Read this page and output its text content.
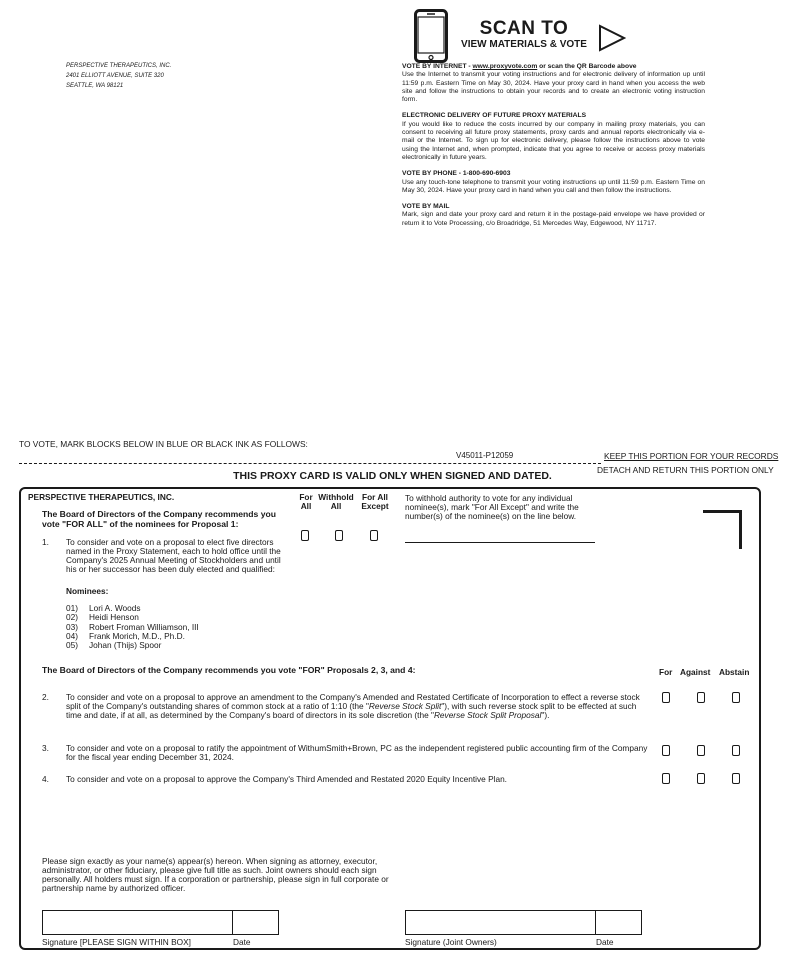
SCAN TO
VIEW MATERIALS & VOTE
PERSPECTIVE THERAPEUTICS, INC.
2401 ELLIOTT AVENUE, SUITE 320
SEATTLE, WA 98121
VOTE BY INTERNET - www.proxyvote.com or scan the QR Barcode above
Use the Internet to transmit your voting instructions and for electronic delivery of information up until 11:59 p.m. Eastern Time on May 30, 2024. Have your proxy card in hand when you access the web site and follow the instructions to obtain your records and to create an electronic voting instruction form.
ELECTRONIC DELIVERY OF FUTURE PROXY MATERIALS
If you would like to reduce the costs incurred by our company in mailing proxy materials, you can consent to receiving all future proxy statements, proxy cards and annual reports electronically via e-mail or the Internet. To sign up for electronic delivery, please follow the instructions above to vote using the Internet and, when prompted, indicate that you agree to receive or access proxy materials electronically in future years.
VOTE BY PHONE - 1-800-690-6903
Use any touch-tone telephone to transmit your voting instructions up until 11:59 p.m. Eastern Time on May 30, 2024. Have your proxy card in hand when you call and then follow the instructions.
VOTE BY MAIL
Mark, sign and date your proxy card and return it in the postage-paid envelope we have provided or return it to Vote Processing, c/o Broadridge, 51 Mercedes Way, Edgewood, NY 11717.
TO VOTE, MARK BLOCKS BELOW IN BLUE OR BLACK INK AS FOLLOWS:
V45011-P12059	KEEP THIS PORTION FOR YOUR RECORDS
DETACH AND RETURN THIS PORTION ONLY
THIS PROXY CARD IS VALID ONLY WHEN SIGNED AND DATED.
PERSPECTIVE THERAPEUTICS, INC.
The Board of Directors of the Company recommends you vote "FOR ALL" of the nominees for Proposal 1:
For All
Withhold All
For All Except
To withhold authority to vote for any individual nominee(s), mark "For All Except" and write the number(s) of the nominee(s) on the line below.
1. To consider and vote on a proposal to elect five directors named in the Proxy Statement, each to hold office until the Company's 2025 Annual Meeting of Stockholders and until his or her successor has been duly elected and qualified:
Nominees:
01) Lori A. Woods
02) Heidi Henson
03) Robert Froman Williamson, III
04) Frank Morich, M.D., Ph.D.
05) Johan (Thijs) Spoor
The Board of Directors of the Company recommends you vote "FOR" Proposals 2, 3, and 4:	For Against Abstain
2. To consider and vote on a proposal to approve an amendment to the Company's Amended and Restated Certificate of Incorporation to effect a reverse stock split of the Company's outstanding shares of common stock at a ratio of 1:10 (the "Reverse Stock Split"), with such reverse stock split to be effected at such time and date, if at all, as determined by the Company's board of directors in its sole discretion (the "Reverse Stock Split Proposal").
3. To consider and vote on a proposal to ratify the appointment of WithumSmith+Brown, PC as the independent registered public accounting firm of the Company for the fiscal year ending December 31, 2024.
4. To consider and vote on a proposal to approve the Company's Third Amended and Restated 2020 Equity Incentive Plan.
Please sign exactly as your name(s) appear(s) hereon. When signing as attorney, executor, administrator, or other fiduciary, please give full title as such. Joint owners should each sign personally. All holders must sign. If a corporation or partnership, please sign in full corporate or partnership name by authorized officer.
Signature [PLEASE SIGN WITHIN BOX]	Date	Signature (Joint Owners)	Date
